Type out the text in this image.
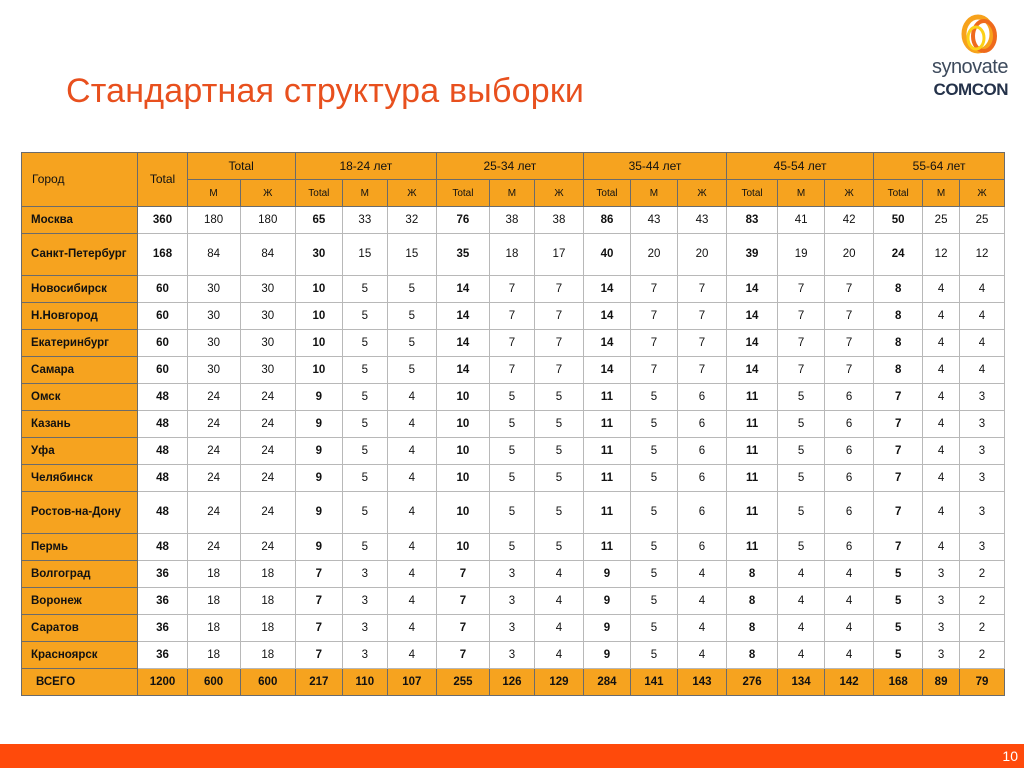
Стандартная структура выборки
synovate
COMCON
Город	Total	Total		18-24 лет			25-34 лет			35-44 лет			45-54 лет			55-64 лет		
		М	Ж	Total	М	Ж	Total	М	Ж	Total	М	Ж	Total	М	Ж	Total	М	Ж
Москва	360	180	180	65	33	32	76	38	38	86	43	43	83	41	42	50	25	25
Санкт-Петербург	168	84	84	30	15	15	35	18	17	40	20	20	39	19	20	24	12	12
Новосибирск	60	30	30	10	5	5	14	7	7	14	7	7	14	7	7	8	4	4
Н.Новгород	60	30	30	10	5	5	14	7	7	14	7	7	14	7	7	8	4	4
Екатеринбург	60	30	30	10	5	5	14	7	7	14	7	7	14	7	7	8	4	4
Самара	60	30	30	10	5	5	14	7	7	14	7	7	14	7	7	8	4	4
Омск	48	24	24	9	5	4	10	5	5	11	5	6	11	5	6	7	4	3
Казань	48	24	24	9	5	4	10	5	5	11	5	6	11	5	6	7	4	3
Уфа	48	24	24	9	5	4	10	5	5	11	5	6	11	5	6	7	4	3
Челябинск	48	24	24	9	5	4	10	5	5	11	5	6	11	5	6	7	4	3
Ростов-на-Дону	48	24	24	9	5	4	10	5	5	11	5	6	11	5	6	7	4	3
Пермь	48	24	24	9	5	4	10	5	5	11	5	6	11	5	6	7	4	3
Волгоград	36	18	18	7	3	4	7	3	4	9	5	4	8	4	4	5	3	2
Воронеж	36	18	18	7	3	4	7	3	4	9	5	4	8	4	4	5	3	2
Саратов	36	18	18	7	3	4	7	3	4	9	5	4	8	4	4	5	3	2
Красноярск	36	18	18	7	3	4	7	3	4	9	5	4	8	4	4	5	3	2
ВСЕГО	1200	600	600	217	110	107	255	126	129	284	141	143	276	134	142	168	89	79
10
